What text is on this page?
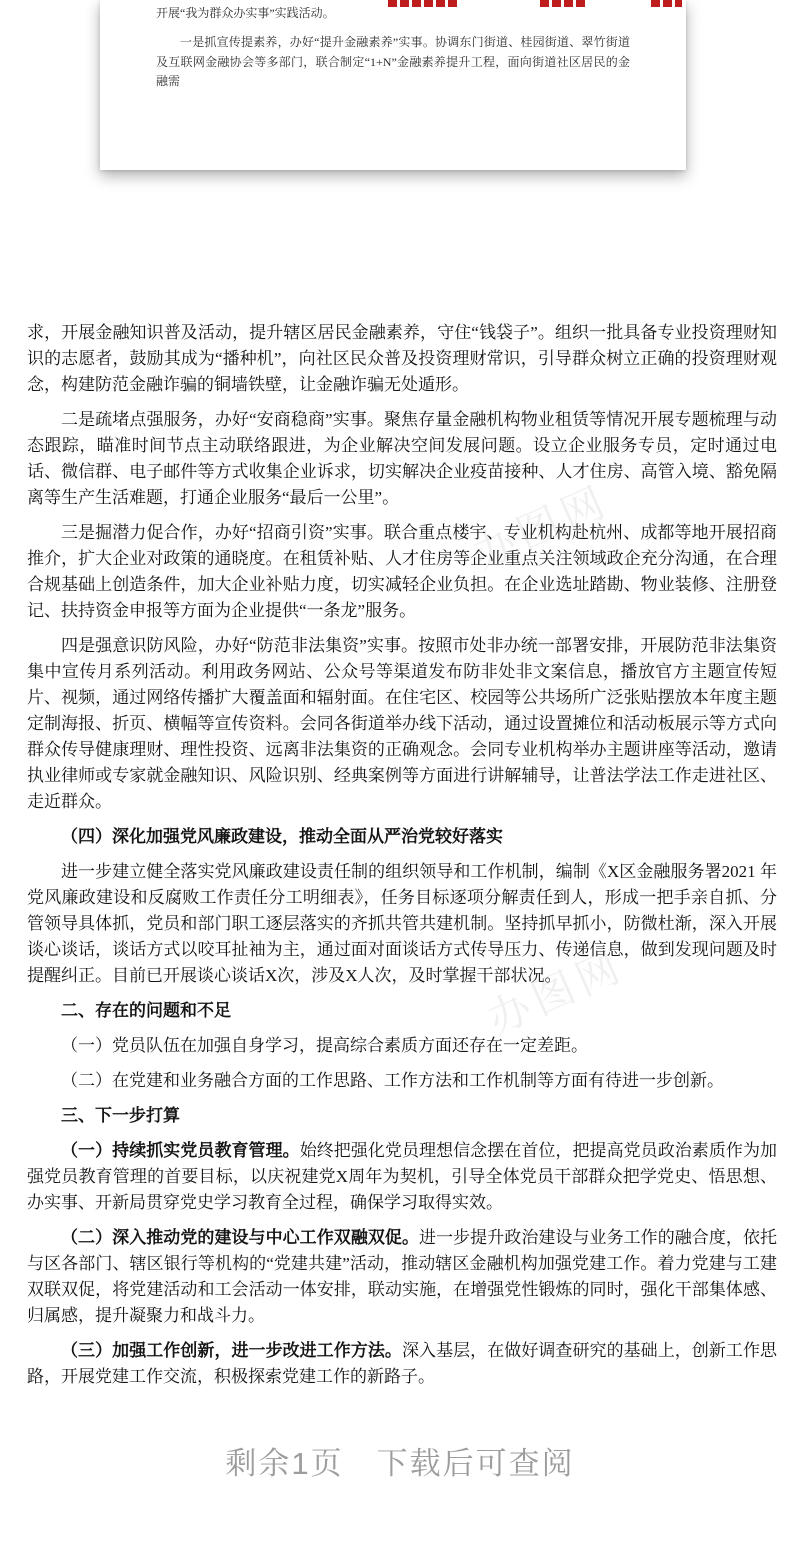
开展“我为群众办实事”实践活动。

一是抓宣传提素养，办好“提升金融素养”实事。协调东门街道、桂园街道、翠竹街道及互联网金融协会等多部门，联合制定“1+N”金融素养提升工程，面向街道社区居民的金融需

办图网
办图网

求，开展金融知识普及活动，提升辖区居民金融素养，守住“钱袋子”。组织一批具备专业投资理财知识的志愿者，鼓励其成为“播种机”，向社区民众普及投资理财常识，引导群众树立正确的投资理财观念，构建防范金融诈骗的铜墙铁壁，让金融诈骗无处遁形。

二是疏堵点强服务，办好“安商稳商”实事。聚焦存量金融机构物业租赁等情况开展专题梳理与动态跟踪，瞄准时间节点主动联络跟进，为企业解决空间发展问题。设立企业服务专员，定时通过电话、微信群、电子邮件等方式收集企业诉求，切实解决企业疫苗接种、人才住房、高管入境、豁免隔离等生产生活难题，打通企业服务“最后一公里”。

三是掘潜力促合作，办好“招商引资”实事。联合重点楼宇、专业机构赴杭州、成都等地开展招商推介，扩大企业对政策的通晓度。在租赁补贴、人才住房等企业重点关注领域政企充分沟通，在合理合规基础上创造条件，加大企业补贴力度，切实减轻企业负担。在企业选址踏勘、物业装修、注册登记、扶持资金申报等方面为企业提供“一条龙”服务。

四是强意识防风险，办好“防范非法集资”实事。按照市处非办统一部署安排，开展防范非法集资集中宣传月系列活动。利用政务网站、公众号等渠道发布防非处非文案信息，播放官方主题宣传短片、视频，通过网络传播扩大覆盖面和辐射面。在住宅区、校园等公共场所广泛张贴摆放本年度主题定制海报、折页、横幅等宣传资料。会同各街道举办线下活动，通过设置摊位和活动板展示等方式向群众传导健康理财、理性投资、远离非法集资的正确观念。会同专业机构举办主题讲座等活动，邀请执业律师或专家就金融知识、风险识别、经典案例等方面进行讲解辅导，让普法学法工作走进社区、走近群众。

（四）深化加强党风廉政建设，推动全面从严治党较好落实

进一步建立健全落实党风廉政建设责任制的组织领导和工作机制，编制《X区金融服务署2021 年党风廉政建设和反腐败工作责任分工明细表》，任务目标逐项分解责任到人，形成一把手亲自抓、分管领导具体抓，党员和部门职工逐层落实的齐抓共管共建机制。坚持抓早抓小，防微杜渐，深入开展谈心谈话，谈话方式以咬耳扯袖为主，通过面对面谈话方式传导压力、传递信息，做到发现问题及时提醒纠正。目前已开展谈心谈话X次，涉及X人次，及时掌握干部状况。

二、存在的问题和不足

（一）党员队伍在加强自身学习，提高综合素质方面还存在一定差距。

（二）在党建和业务融合方面的工作思路、工作方法和工作机制等方面有待进一步创新。

三、下一步打算

（一）持续抓实党员教育管理。始终把强化党员理想信念摆在首位，把提高党员政治素质作为加强党员教育管理的首要目标，以庆祝建党X周年为契机，引导全体党员干部群众把学党史、悟思想、办实事、开新局贯穿党史学习教育全过程，确保学习取得实效。

（二）深入推动党的建设与中心工作双融双促。进一步提升政治建设与业务工作的融合度，依托与区各部门、辖区银行等机构的“党建共建”活动，推动辖区金融机构加强党建工作。着力党建与工建双联双促，将党建活动和工会活动一体安排，联动实施，在增强党性锻炼的同时，强化干部集体感、归属感，提升凝聚力和战斗力。

（三）加强工作创新，进一步改进工作方法。深入基层，在做好调查研究的基础上，创新工作思路，开展党建工作交流，积极探索党建工作的新路子。

剩余1页　下载后可查阅
